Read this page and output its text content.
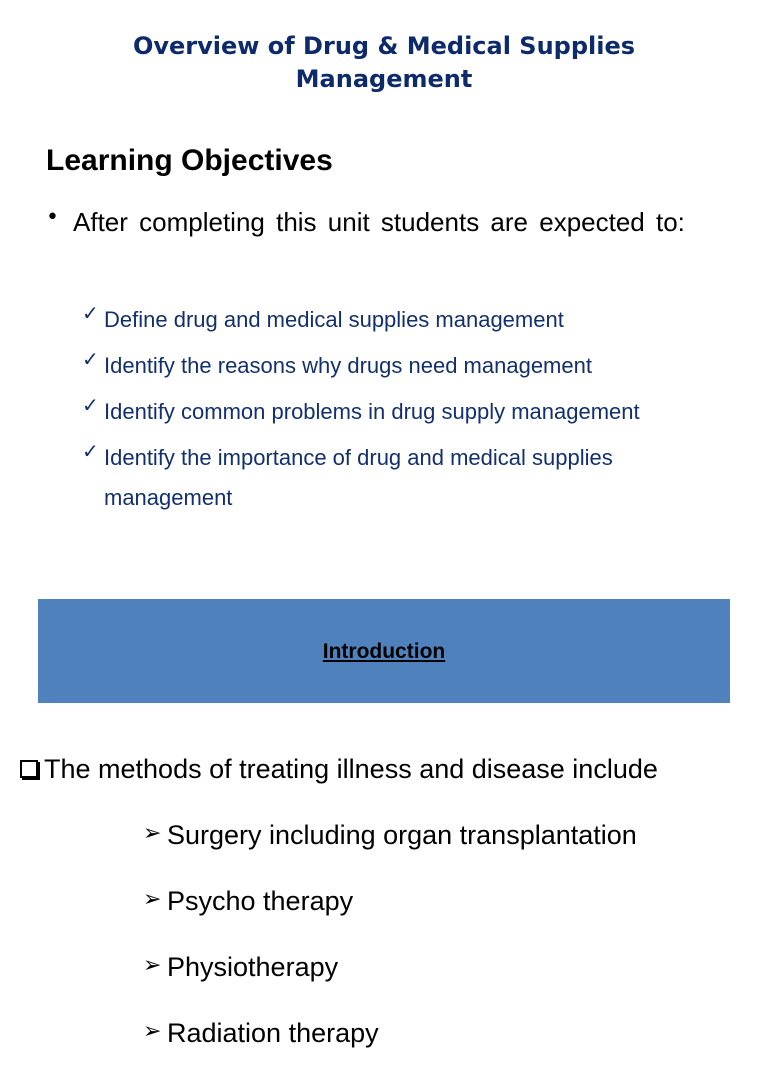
Overview of Drug & Medical Supplies Management
Learning Objectives
• After completing this unit students are expected to:
✓ Define drug and medical supplies management
✓ Identify the reasons why drugs need management
✓ Identify common problems in drug supply management
✓ Identify the importance of drug and medical supplies management
Introduction
The methods of treating illness and disease include
➢ Surgery including organ transplantation
➢ Psycho therapy
➢ Physiotherapy
➢ Radiation therapy
